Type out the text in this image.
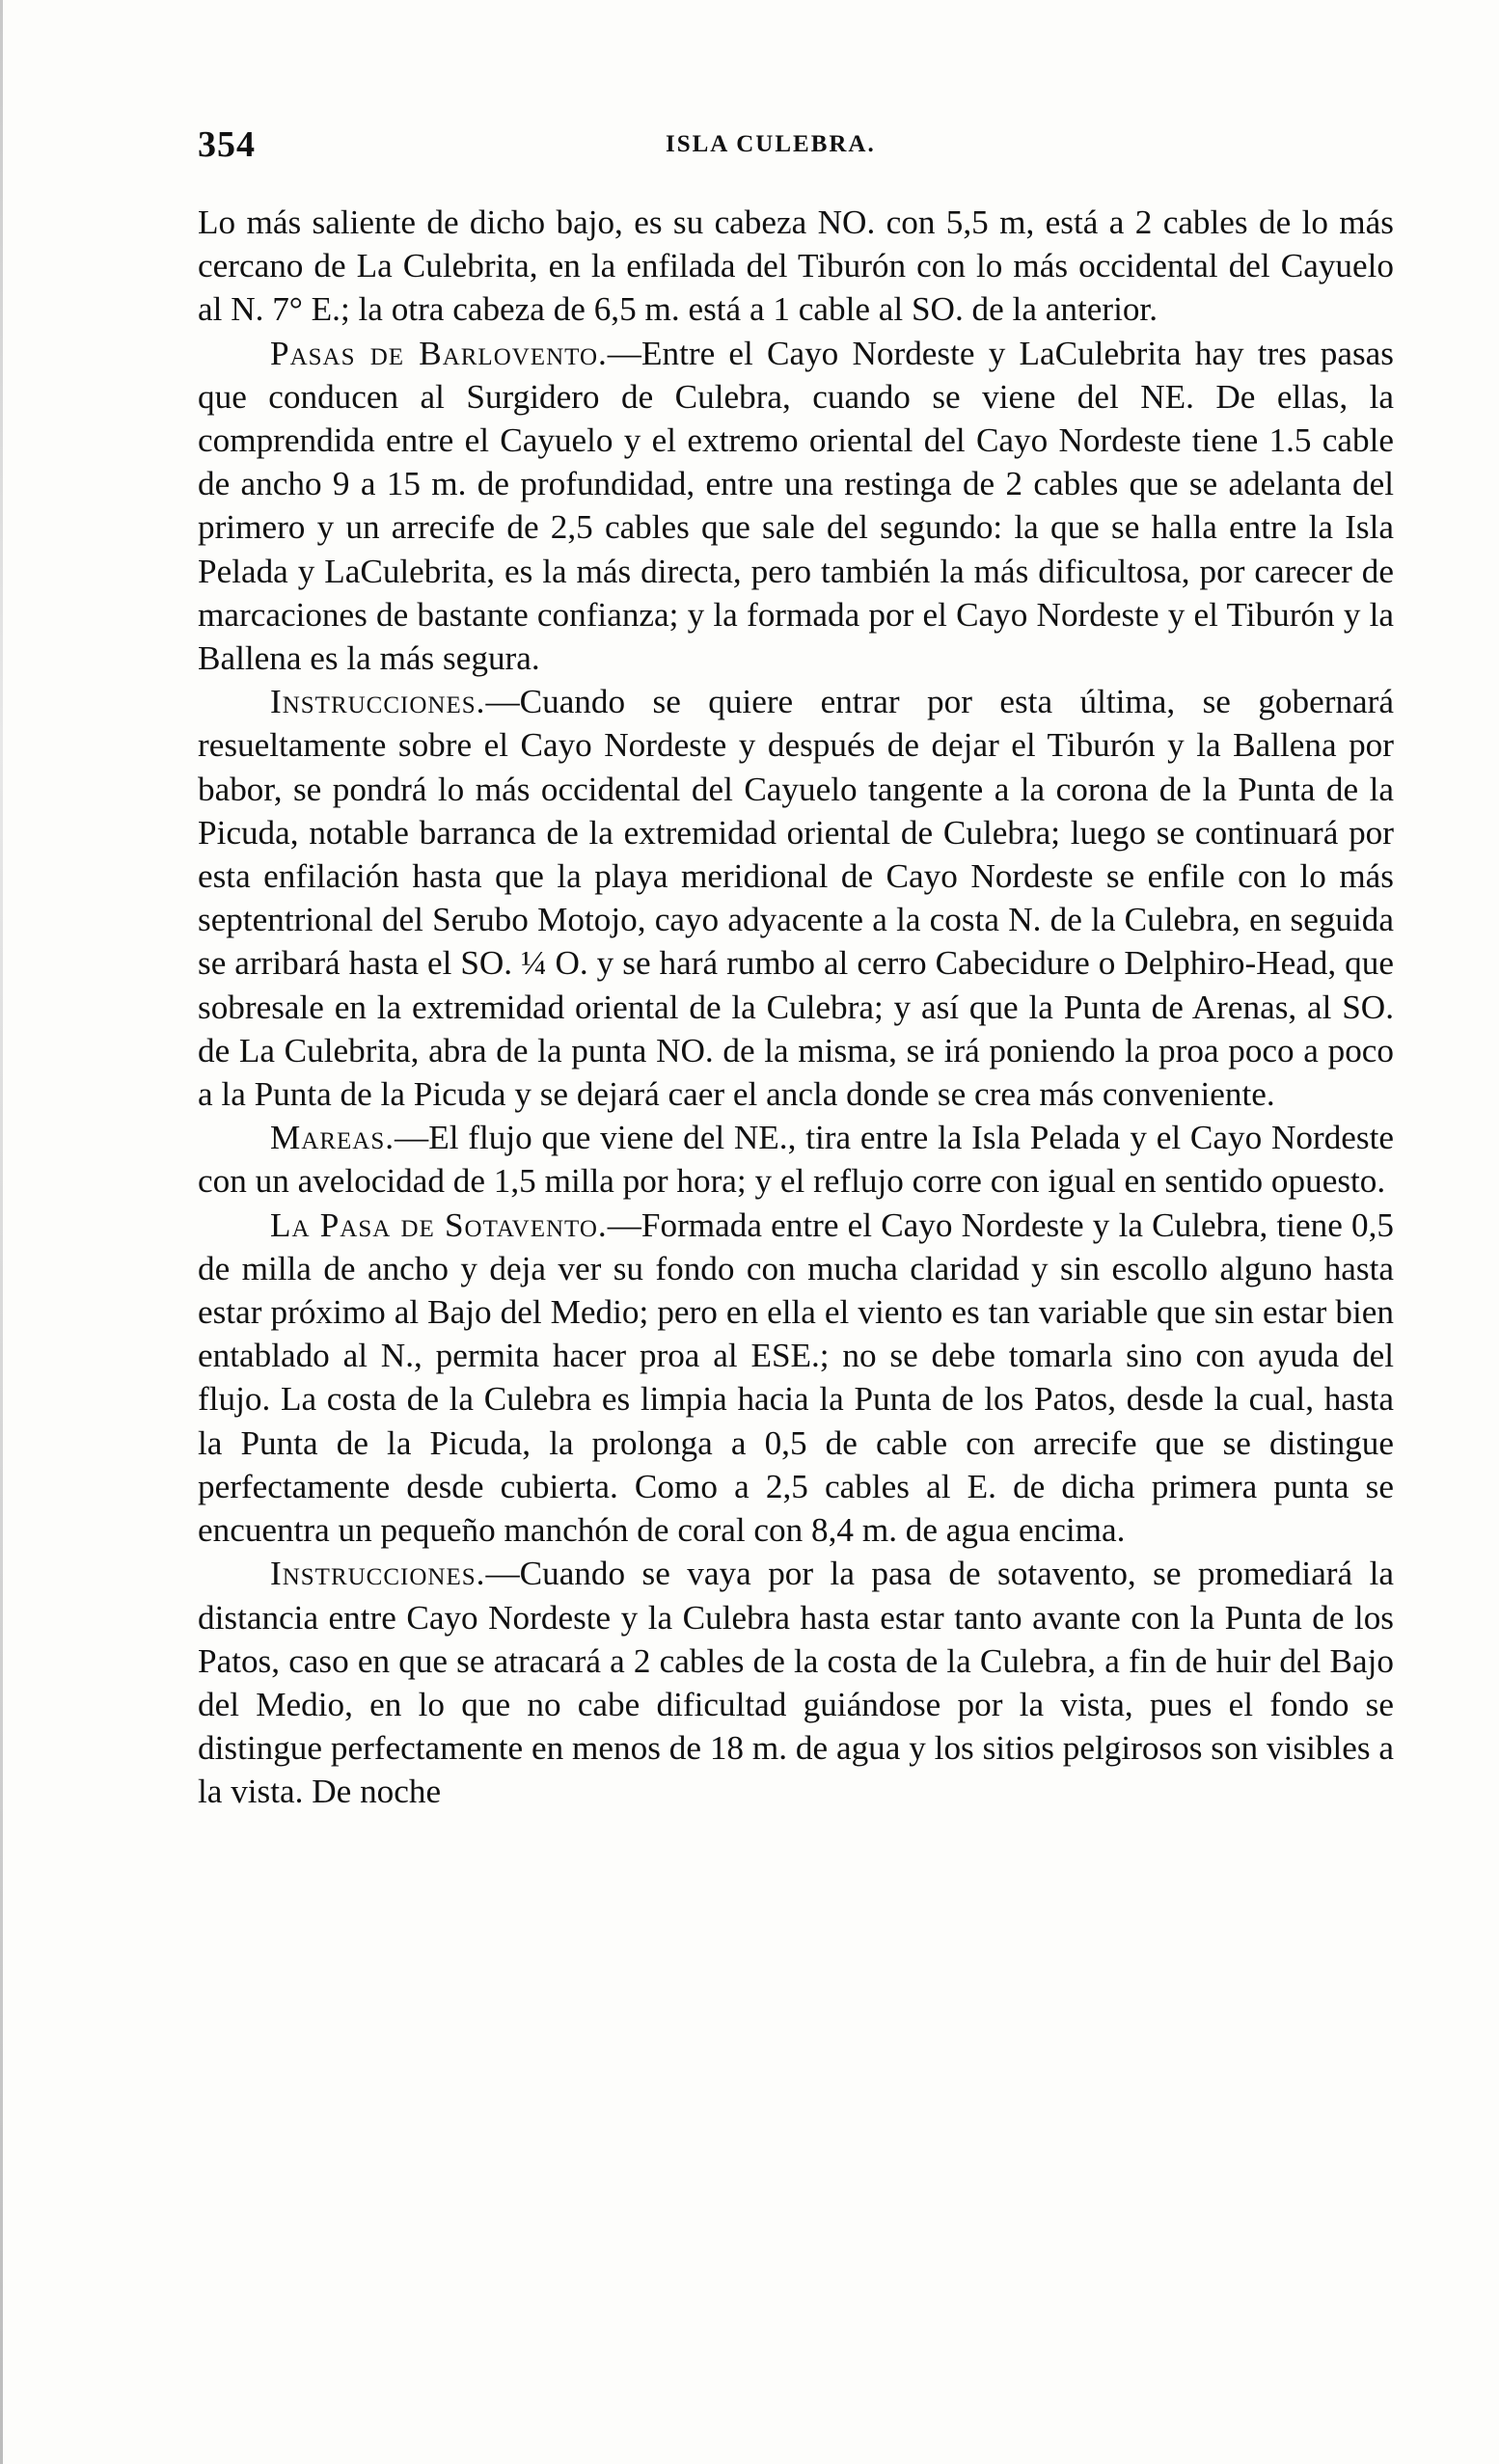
354	ISLA CULEBRA.

Lo más saliente de dicho bajo, es su cabeza NO. con 5,5 m, está a 2 cables de lo más cercano de La Culebrita, en la enfilada del Tiburón con lo más occidental del Cayuelo al N. 7° E.; la otra cabeza de 6,5 m. está a 1 cable al SO. de la anterior.

Pasas de Barlovento.—Entre el Cayo Nordeste y LaCulebrita hay tres pasas que conducen al Surgidero de Culebra, cuando se viene del NE. De ellas, la comprendida entre el Cayuelo y el extremo oriental del Cayo Nordeste tiene 1.5 cable de ancho 9 a 15 m. de profundidad, entre una restinga de 2 cables que se adelanta del primero y un arrecife de 2,5 cables que sale del segundo: la que se halla entre la Isla Pelada y LaCulebrita, es la más directa, pero también la más dificultosa, por carecer de marcaciones de bastante confianza; y la formada por el Cayo Nordeste y el Tiburón y la Ballena es la más segura.

Instrucciones.—Cuando se quiere entrar por esta última, se gobernará resueltamente sobre el Cayo Nordeste y después de dejar el Tiburón y la Ballena por babor, se pondrá lo más occidental del Cayuelo tangente a la corona de la Punta de la Picuda, notable barranca de la extremidad oriental de Culebra; luego se continuará por esta enfilación hasta que la playa meridional de Cayo Nordeste se enfile con lo más septentrional del Serubo Motojo, cayo adyacente a la costa N. de la Culebra, en seguida se arribará hasta el SO. ¼ O. y se hará rumbo al cerro Cabecidure o Delphiro-Head, que sobresale en la extremidad oriental de la Culebra; y así que la Punta de Arenas, al SO. de La Culebrita, abra de la punta NO. de la misma, se irá poniendo la proa poco a poco a la Punta de la Picuda y se dejará caer el ancla donde se crea más conveniente.

Mareas.—El flujo que viene del NE., tira entre la Isla Pelada y el Cayo Nordeste con un avelocidad de 1,5 milla por hora; y el reflujo corre con igual en sentido opuesto.

La Pasa de Sotavento.—Formada entre el Cayo Nordeste y la Culebra, tiene 0,5 de milla de ancho y deja ver su fondo con mucha claridad y sin escollo alguno hasta estar próximo al Bajo del Medio; pero en ella el viento es tan variable que sin estar bien entablado al N., permita hacer proa al ESE.; no se debe tomarla sino con ayuda del flujo. La costa de la Culebra es limpia hacia la Punta de los Patos, desde la cual, hasta la Punta de la Picuda, la prolonga a 0,5 de cable con arrecife que se distingue perfectamente desde cubierta. Como a 2,5 cables al E. de dicha primera punta se encuentra un pequeño manchón de coral con 8,4 m. de agua encima.

Instrucciones.—Cuando se vaya por la pasa de sotavento, se promediará la distancia entre Cayo Nordeste y la Culebra hasta estar tanto avante con la Punta de los Patos, caso en que se atracará a 2 cables de la costa de la Culebra, a fin de huir del Bajo del Medio, en lo que no cabe dificultad guiándose por la vista, pues el fondo se distingue perfectamente en menos de 18 m. de agua y los sitios pelgirosos son visibles a la vista. De noche
